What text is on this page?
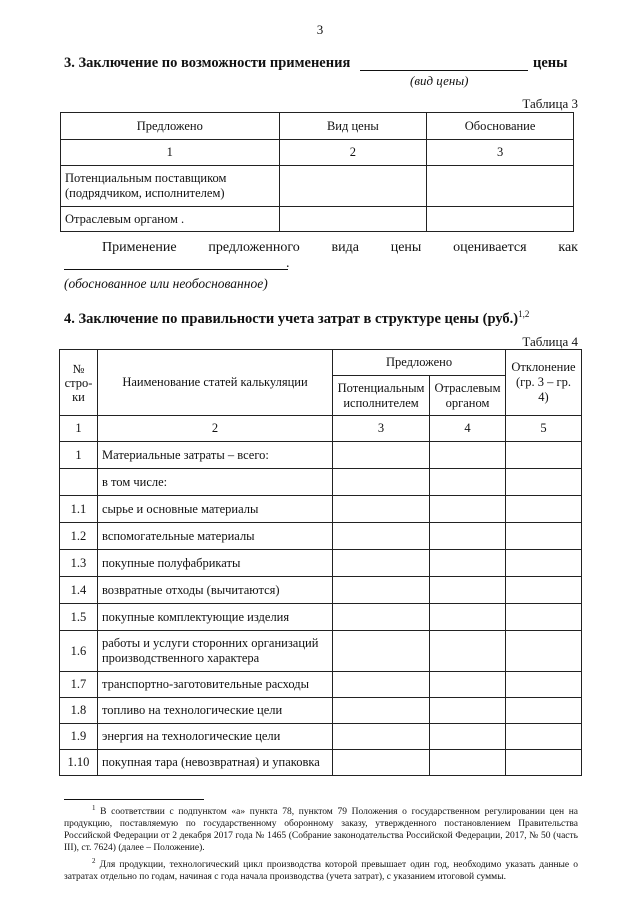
3
3. Заключение по возможности применения	цены
(вид цены)
Таблица 3
Предложено	Вид цены	Обоснование
1	2	3
Потенциальным поставщиком (подрядчиком, исполнителем)		
Отраслевым органом .		
Применение предложенного вида цены оценивается как
.
(обоснованное или необоснованное)
4. Заключение по правильности учета затрат в структуре цены $(руб.)^{1,2}$
Таблица 4
№ стро- ки	Наименование статей калькуляции	Предложено		Отклонение (гр. 3 – гр. 4)
		Потенциальным исполнителем	Отраслевым органом	
1	2	3	4	5
1	Материальные затраты – всего:			
	в том числе:			
1.1	сырье и основные материалы			
1.2	вспомогательные материалы			
1.3	покупные полуфабрикаты			
1.4	возвратные отходы (вычитаются)			
1.5	покупные комплектующие изделия			
1.6	работы и услуги сторонних организаций производственного характера			
1.7	транспортно-заготовительные расходы			
1.8	топливо на технологические цели			
1.9	энергия на технологические цели			
1.10	покупная тара (невозвратная) и упаковка			
$^1$ В соответствии с подпунктом «а» пункта 78, пунктом 79 Положения о государственном регулировании цен на продукцию, поставляемую по государственному оборонному заказу, утвержденного постановлением Правительства Российской Федерации от 2 декабря 2017 года № 1465 (Собрание законодательства Российской Федерации, 2017, № 50 (часть III), ст. 7624) (далее – Положение).
$^2$ Для продукции, технологический цикл производства которой превышает один год, необходимо указать данные о затратах отдельно по годам, начиная с года начала производства (учета затрат), с указанием итоговой суммы.
